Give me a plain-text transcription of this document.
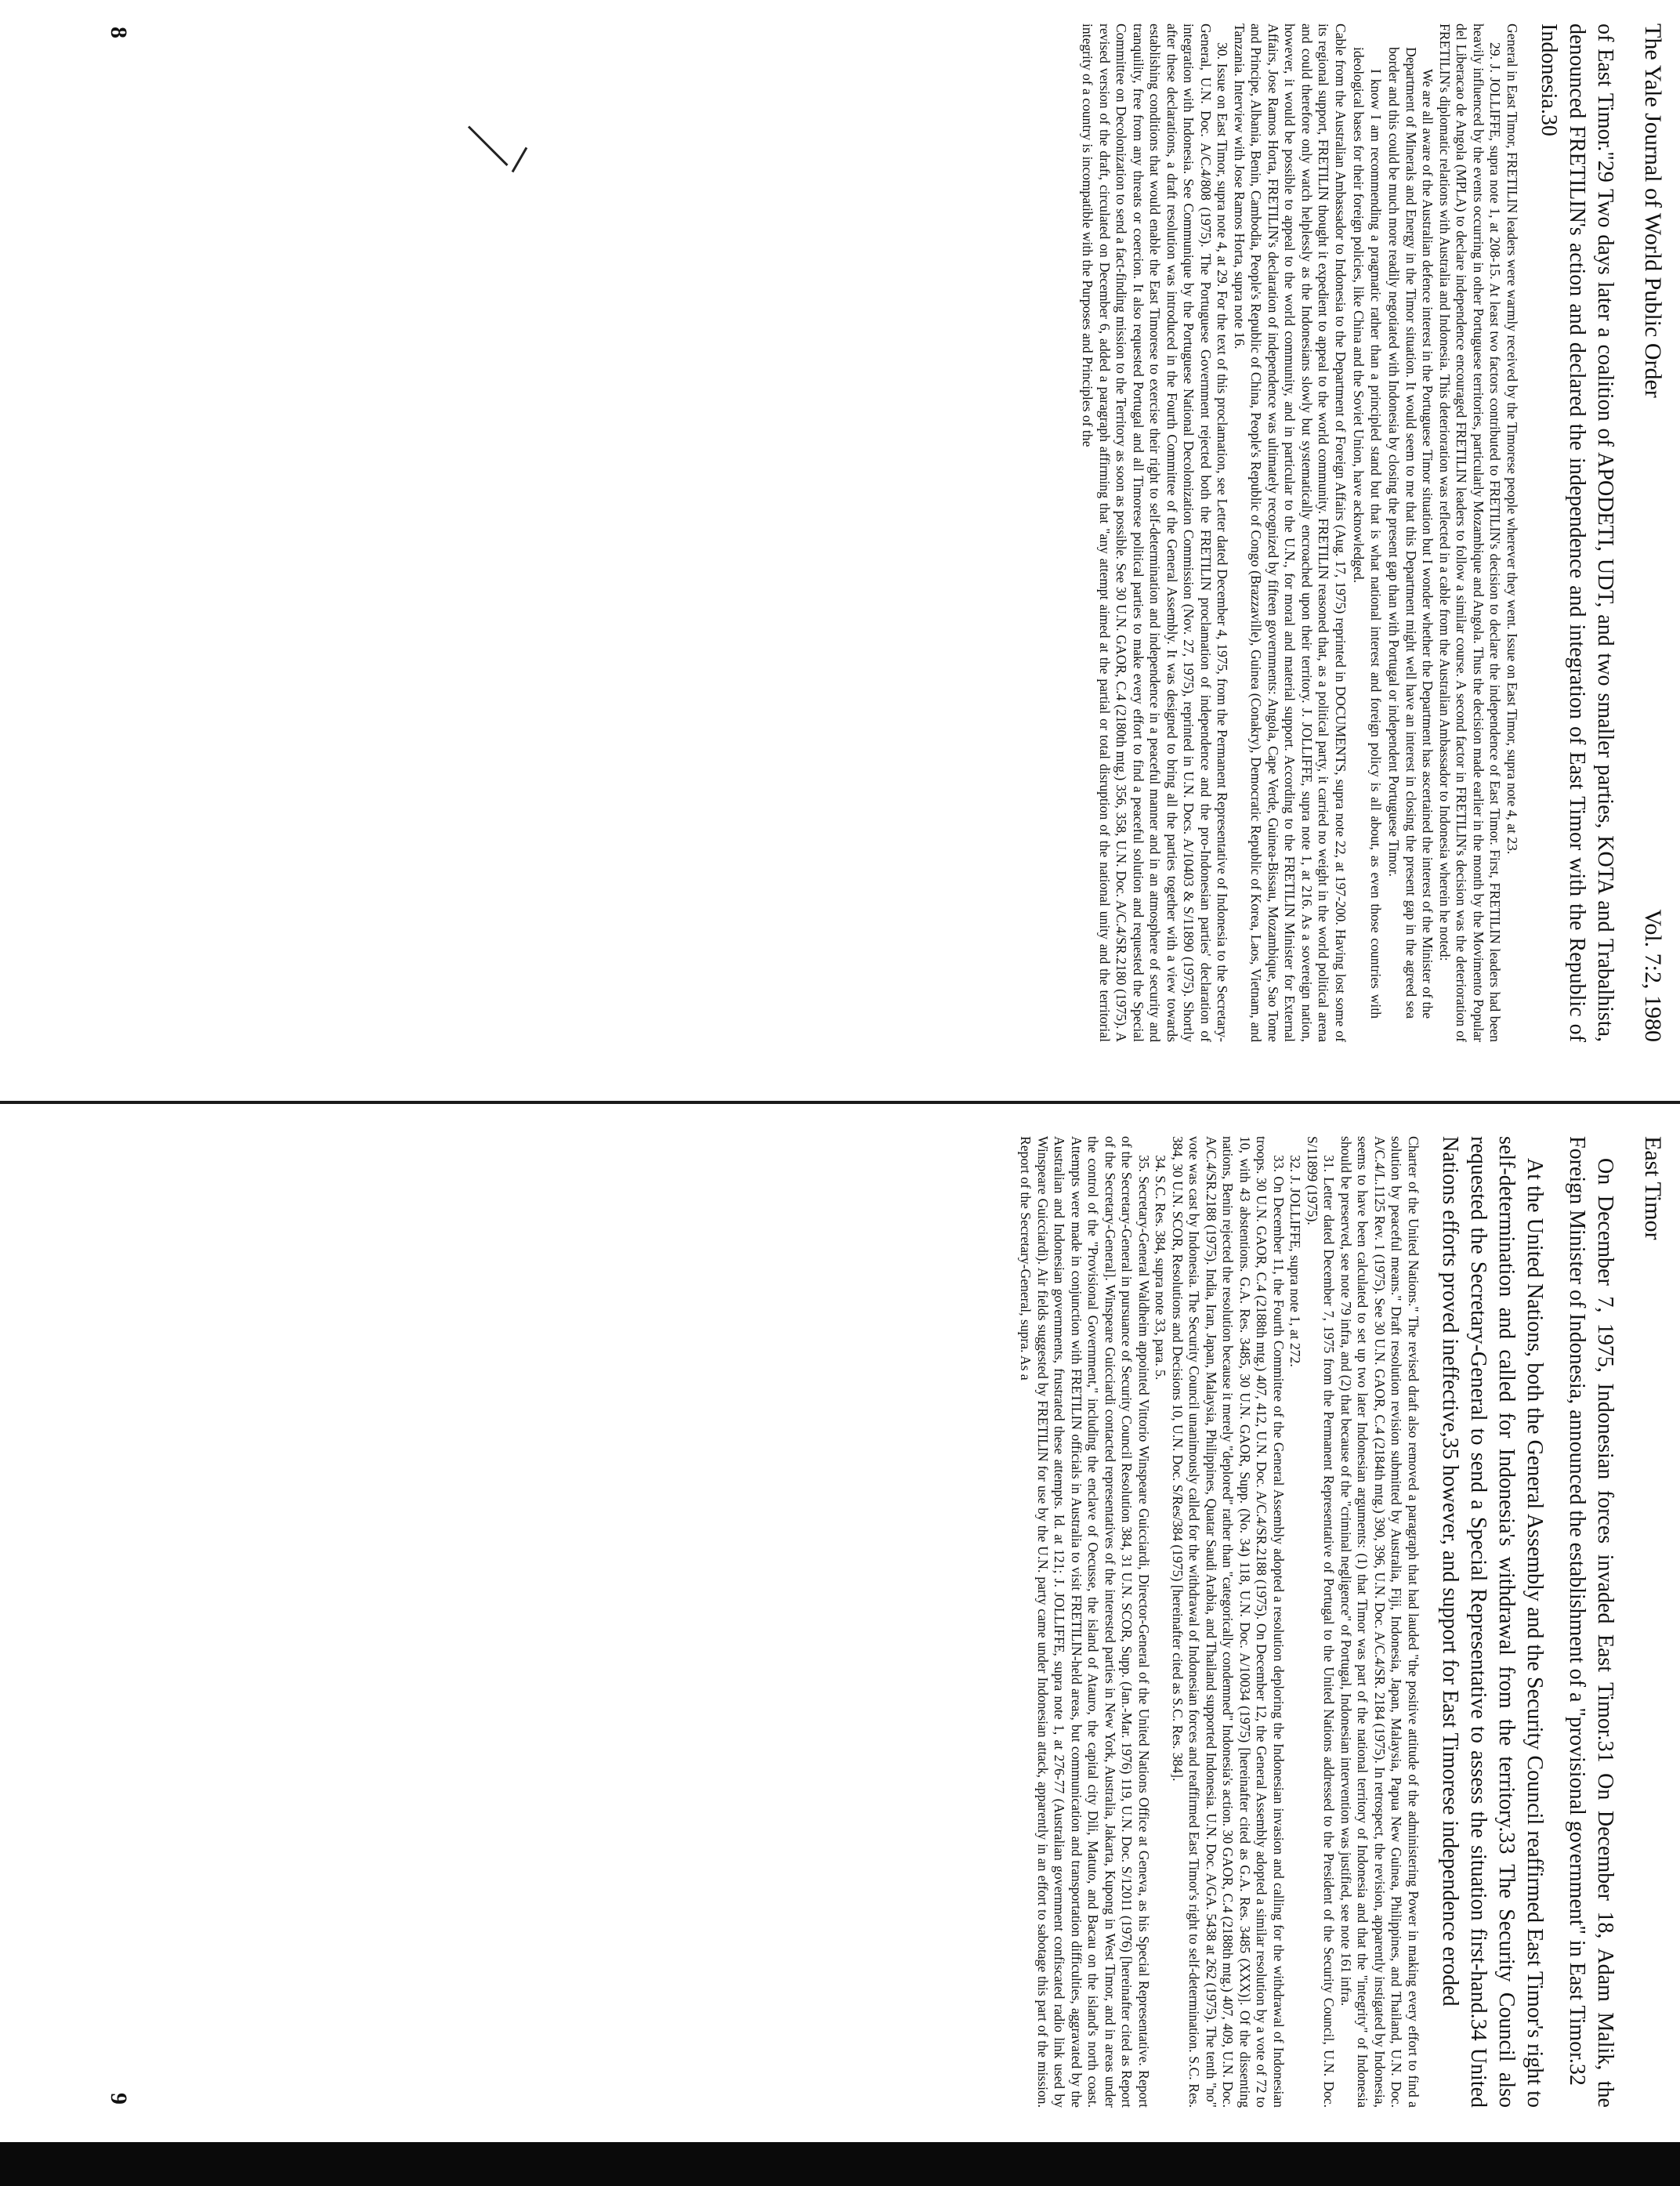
The Yale Journal of World Public Order
Vol. 7:2, 1980

of East Timor."29 Two days later a coalition of APODETI, UDT, and two smaller parties, KOTA and Trabalhista, denounced FRETILIN's action and declared the independence and integration of East Timor with the Republic of Indonesia.30

General in East Timor, FRETILIN leaders were warmly received by the Timorese people wherever they went. Issue on East Timor, supra note 4, at 23.

29. J. JOLLIFFE, supra note 1, at 208-15. At least two factors contributed to FRETILIN's decision to declare the independence of East Timor. First, FRETILIN leaders had been heavily influenced by the events occurring in other Portuguese territories, particularly Mozambique and Angola. Thus the decision made earlier in the month by the Movimento Popular del Liberacao de Angola (MPLA) to declare independence encouraged FRETILIN leaders to follow a similar course. A second factor in FRETILIN's decision was the deterioration of FRETILIN's diplomatic relations with Australia and Indonesia. This deterioration was reflected in a cable from the Australian Ambassador to Indonesia wherein he noted:

We are all aware of the Australian defence interest in the Portuguese Timor situation but I wonder whether the Department has ascertained the interest of the Minister of the Department of Minerals and Energy in the Timor situation. It would seem to me that this Department might well have an interest in closing the present gap in the agreed sea border and this could be much more readily negotiated with Indonesia by closing the present gap than with Portugal or independent Portuguese Timor.

I know I am recommending a pragmatic rather than a principled stand but that is what national interest and foreign policy is all about, as even those countries with ideological bases for their foreign policies, like China and the Soviet Union, have acknowledged.

Cable from the Australian Ambassador to Indonesia to the Department of Foreign Affairs (Aug. 17, 1975) reprinted in DOCUMENTS, supra note 22, at 197-200. Having lost some of its regional support, FRETILIN thought it expedient to appeal to the world community. FRETILIN reasoned that, as a political party, it carried no weight in the world political arena and could therefore only watch helplessly as the Indonesians slowly but systematically encroached upon their territory. J. JOLLIFFE, supra note 1, at 216. As a sovereign nation, however, it would be possible to appeal to the world community, and in particular to the U.N., for moral and material support. According to the FRETILIN Minister for External Affairs, Jose Ramos Horta, FRETILIN's declaration of independence was ultimately recognized by fifteen governments: Angola, Cape Verde, Guinea-Bissau, Mozambique, Sao Tome and Principe, Albania, Benin, Cambodia, People's Republic of China, People's Republic of Congo (Brazzaville), Guinea (Conakry), Democratic Republic of Korea, Laos, Vietnam, and Tanzania. Interview with Jose Ramos Horta, supra note 16.

30. Issue on East Timor, supra note 4, at 29. For the text of this proclamation, see Letter dated December 4, 1975, from the Permanent Representative of Indonesia to the Secretary-General, U.N. Doc. A/C.4/808 (1975). The Portuguese Government rejected both the FRETILIN proclamation of independence and the pro-Indonesian parties' declaration of integration with Indonesia. See Communique by the Portuguese National Decolonization Commission (Nov. 27, 1975), reprinted in U.N. Docs. A/10403 & S/11890 (1975). Shortly after these declarations, a draft resolution was introduced in the Fourth Committee of the General Assembly. It was designed to bring all the parties together with a view towards establishing conditions that would enable the East Timorese to exercise their right to self-determination and independence in a peaceful manner and in an atmosphere of security and tranquility, free from any threats or coercion. It also requested Portugal and all Timorese political parties to make every effort to find a peaceful solution and requested the Special Committee on Decolonization to send a fact-finding mission to the Territory as soon as possible. See 30 U.N. GAOR, C.4 (2180th mtg.) 356, 358, U.N. Doc. A/C.4/SR.2180 (1975). A revised version of the draft, circulated on December 6, added a paragraph affirming that "any attempt aimed at the partial or total disruption of the national unity and the territorial integrity of a country is incompatible with the Purposes and Principles of the

8
East Timor

On December 7, 1975, Indonesian forces invaded East Timor.31 On December 18, Adam Malik, the Foreign Minister of Indonesia, announced the establishment of a "provisional government" in East Timor.32

At the United Nations, both the General Assembly and the Security Council reaffirmed East Timor's right to self-determination and called for Indonesia's withdrawal from the territory.33 The Security Council also requested the Secretary-General to send a Special Representative to assess the situation first-hand.34 United Nations efforts proved ineffective,35 however, and support for East Timorese independence eroded

Charter of the United Nations." The revised draft also removed a paragraph that had lauded "the positive attitude of the administering Power in making every effort to find a solution by peaceful means." Draft resolution revision submitted by Australia, Fiji, Indonesia, Japan, Malaysia, Papua New Guinea, Philippines, and Thailand, U.N. Doc. A/C.4/L.1125 Rev. 1 (1975). See 30 U.N. GAOR, C.4 (2184th mtg.) 390, 396, U.N. Doc. A/C.4/SR. 2184 (1975). In retrospect, the revision, apparently instigated by Indonesia, seems to have been calculated to set up two later Indonesian arguments: (1) that Timor was part of the national territory of Indonesia and that the "integrity" of Indonesia should be preserved, see note 79 infra, and (2) that because of the "criminal negligence" of Portugal, Indonesian intervention was justified, see note 161 infra.

31. Letter dated December 7, 1975 from the Permanent Representative of Portugal to the United Nations addressed to the President of the Security Council, U.N. Doc. S/11899 (1975).

32. J. JOLLIFFE, supra note 1, at 272.

33. On December 11, the Fourth Committee of the General Assembly adopted a resolution deploring the Indonesian invasion and calling for the withdrawal of Indonesian troops. 30 U.N. GAOR, C.4 (2188th mtg.) 407, 412, U.N. Doc. A/C.4/SR.2188 (1975). On December 12, the General Assembly adopted a similar resolution by a vote of 72 to 10, with 43 abstentions. G.A. Res. 3485, 30 U.N. GAOR, Supp. (No. 34) 118, U.N. Doc. A/10034 (1975) [hereinafter cited as G.A. Res. 3485 (XXX)]. Of the dissenting nations, Benin rejected the resolution because it merely "deplored" rather than "categorically condemned" Indonesia's action. 30 GAOR, C.4 (2188th mtg.) 407, 409, U.N. Doc. A/C.4/SR.2188 (1975). India, Iran, Japan, Malaysia, Philippines, Quatar Saudi Arabia, and Thailand supported Indonesia. U.N. Doc. A/GA. 5438 at 262 (1975). The tenth "no" vote was cast by Indonesia. The Security Council unanimously called for the withdrawal of Indonesian forces and reaffirmed East Timor's right to self-determination. S.C. Res. 384, 30 U.N. SCOR, Resolutions and Decisions 10, U.N. Doc. S/Res/384 (1975) [hereinafter cited as S.C. Res. 384].

34. S.C. Res. 384, supra note 33, para. 5.

35. Secretary-General Waldheim appointed Vittorio Winspeare Guicciardi, Director-General of the United Nations Office at Geneva, as his Special Representative. Report of the Secretary-General in pursuance of Security Council Resolution 384, 31 U.N. SCOR, Supp. (Jan.-Mar. 1976) 119, U.N. Doc. S/12011 (1976) [hereinafter cited as Report of the Secretary-General]. Winspeare Guicciardi contacted representatives of the interested parties in New York, Australia, Jakarta, Kupong in West Timor, and in areas under the control of the "Provisional Government," including the enclave of Oecusse, the island of Atauro, the capital city Dili, Matuto, and Bacau on the island's north coast. Attempts were made in conjunction with FRETILIN officials in Australia to visit FRETILIN-held areas, but communication and transportation difficulties, aggravated by the Australian and Indonesian governments, frustrated these attempts. Id. at 121; J. JOLLIFFE, supra note 1, at 276-77 (Australian government confiscated radio link used by Winspeare Guicciardi). Air fields suggested by FRETILIN for use by the U.N. party came under Indonesian attack, apparently in an effort to sabotage this part of the mission. Report of the Secretary-General, supra. As a

9
